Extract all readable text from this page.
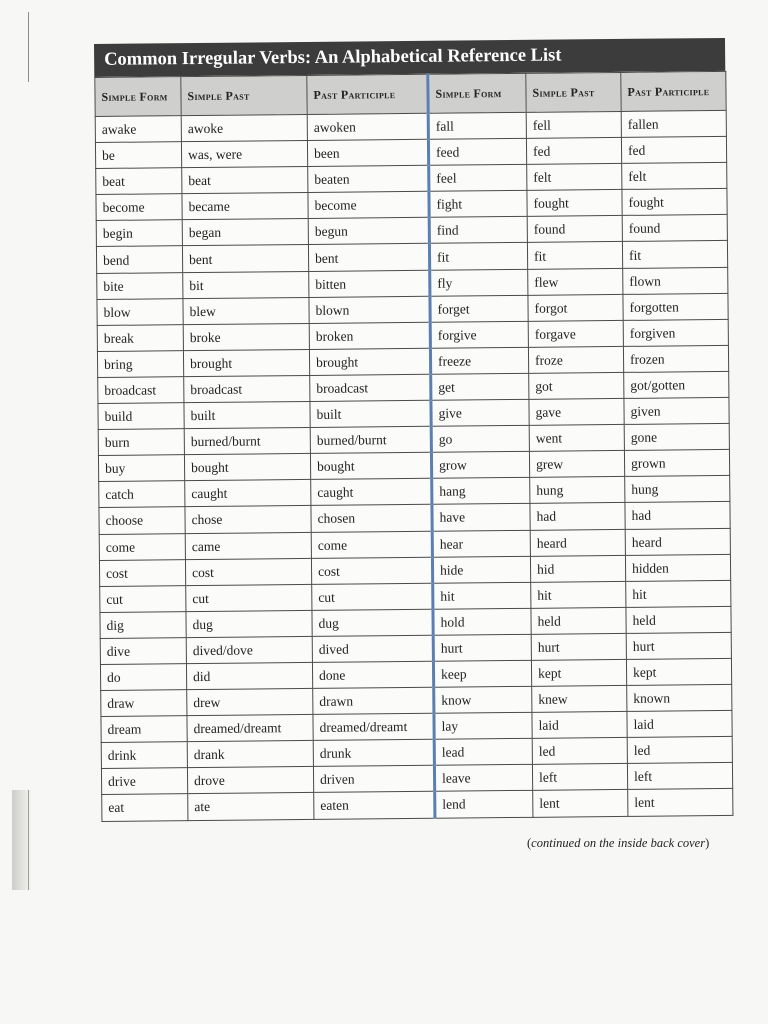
Common Irregular Verbs: An Alphabetical Reference List
Simple Form	Simple Past	Past Participle	Simple Form	Simple Past	Past Participle
awake	awoke	awoken	fall	fell	fallen
be	was, were	been	feed	fed	fed
beat	beat	beaten	feel	felt	felt
become	became	become	fight	fought	fought
begin	began	begun	find	found	found
bend	bent	bent	fit	fit	fit
bite	bit	bitten	fly	flew	flown
blow	blew	blown	forget	forgot	forgotten
break	broke	broken	forgive	forgave	forgiven
bring	brought	brought	freeze	froze	frozen
broadcast	broadcast	broadcast	get	got	got/gotten
build	built	built	give	gave	given
burn	burned/burnt	burned/burnt	go	went	gone
buy	bought	bought	grow	grew	grown
catch	caught	caught	hang	hung	hung
choose	chose	chosen	have	had	had
come	came	come	hear	heard	heard
cost	cost	cost	hide	hid	hidden
cut	cut	cut	hit	hit	hit
dig	dug	dug	hold	held	held
dive	dived/dove	dived	hurt	hurt	hurt
do	did	done	keep	kept	kept
draw	drew	drawn	know	knew	known
dream	dreamed/dreamt	dreamed/dreamt	lay	laid	laid
drink	drank	drunk	lead	led	led
drive	drove	driven	leave	left	left
eat	ate	eaten	lend	lent	lent
(continued on the inside back cover)
